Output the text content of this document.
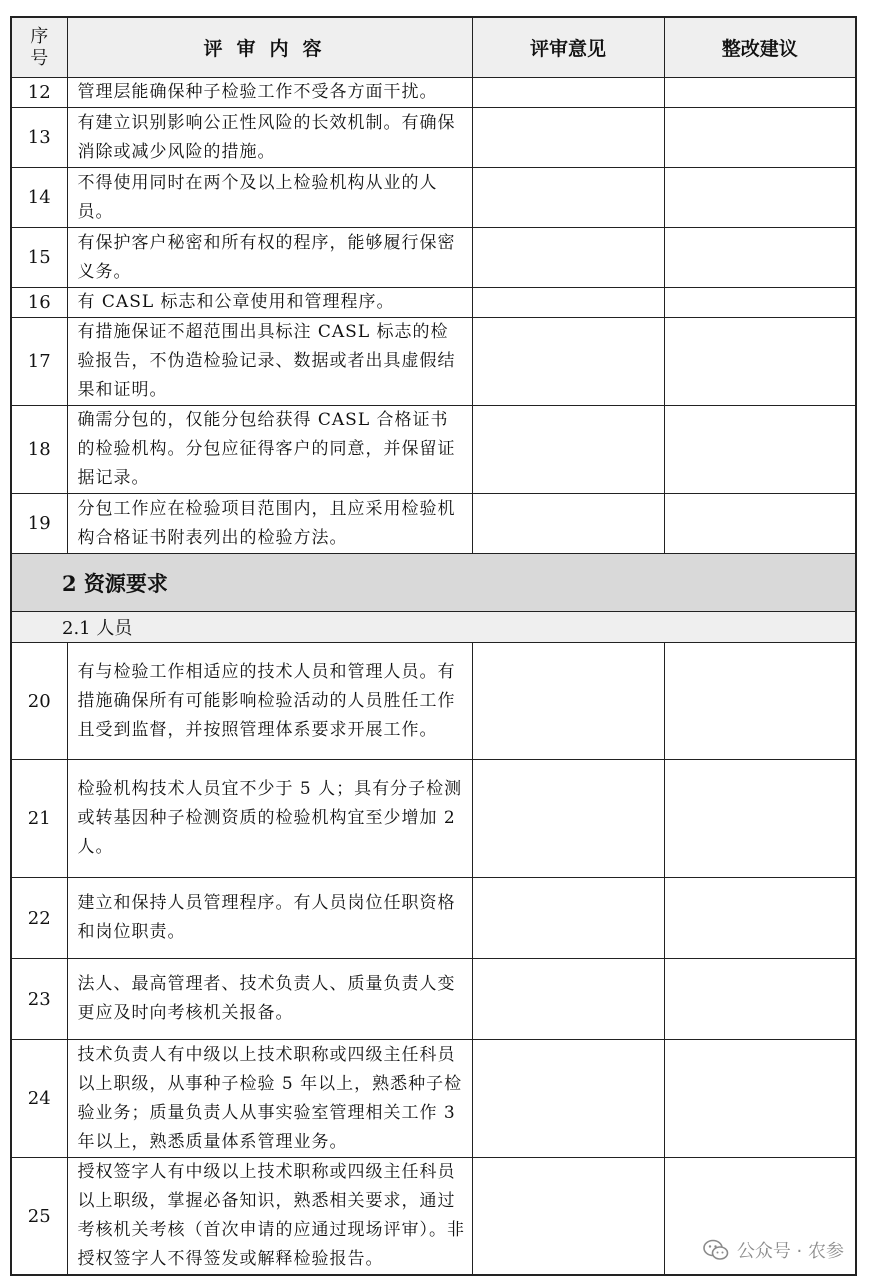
序
号	评审内容	评审意见	整改建议
12	管理层能确保种子检验工作不受各方面干扰。		
13	有建立识别影响公正性风险的长效机制。有确保消除或减少风险的措施。		
14	不得使用同时在两个及以上检验机构从业的人员。		
15	有保护客户秘密和所有权的程序，能够履行保密义务。		
16	有 CASL 标志和公章使用和管理程序。		
17	有措施保证不超范围出具标注 CASL 标志的检验报告，不伪造检验记录、数据或者出具虚假结果和证明。		
18	确需分包的，仅能分包给获得 CASL 合格证书的检验机构。分包应征得客户的同意，并保留证据记录。		
19	分包工作应在检验项目范围内，且应采用检验机构合格证书附表列出的检验方法。		
2 资源要求			
2.1 人员			
20	有与检验工作相适应的技术人员和管理人员。有措施确保所有可能影响检验活动的人员胜任工作且受到监督，并按照管理体系要求开展工作。		
21	检验机构技术人员宜不少于 5 人；具有分子检测或转基因种子检测资质的检验机构宜至少增加 2 人。		
22	建立和保持人员管理程序。有人员岗位任职资格和岗位职责。		
23	法人、最高管理者、技术负责人、质量负责人变更应及时向考核机关报备。		
24	技术负责人有中级以上技术职称或四级主任科员以上职级，从事种子检验 5 年以上，熟悉种子检验业务；质量负责人从事实验室管理相关工作 3 年以上，熟悉质量体系管理业务。		
25	授权签字人有中级以上技术职称或四级主任科员以上职级，掌握必备知识，熟悉相关要求，通过考核机关考核（首次申请的应通过现场评审）。非授权签字人不得签发或解释检验报告。			公众号 · 农参
